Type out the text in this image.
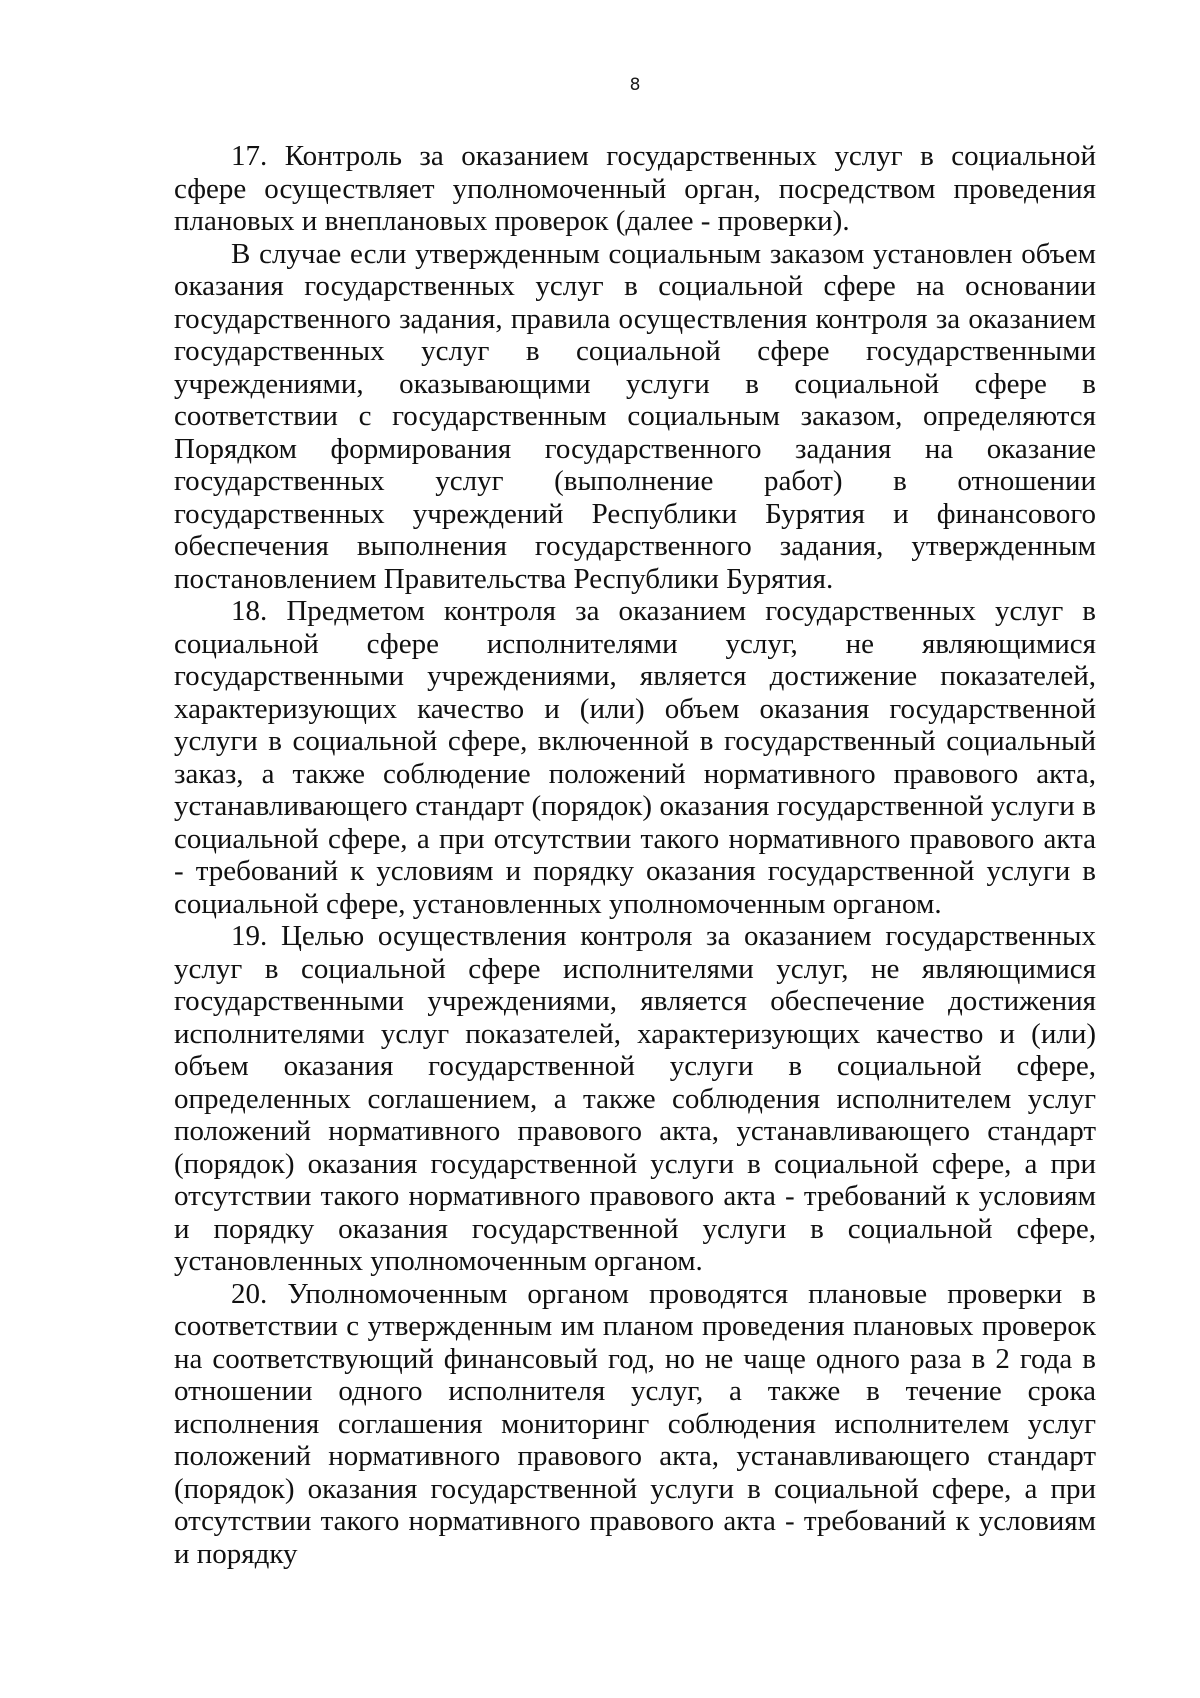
8

17. Контроль за оказанием государственных услуг в социальной сфере осуществляет уполномоченный орган, посредством проведения плановых и внеплановых проверок (далее - проверки).

В случае если утвержденным социальным заказом установлен объем оказания государственных услуг в социальной сфере на основании государственного задания, правила осуществления контроля за оказанием государственных услуг в социальной сфере государственными учреждениями, оказывающими услуги в социальной сфере в соответствии с государственным социальным заказом, определяются Порядком формирования государственного задания на оказание государственных услуг (выполнение работ) в отношении государственных учреждений Республики Бурятия и финансового обеспечения выполнения государственного задания, утвержденным постановлением Правительства Республики Бурятия.

18. Предметом контроля за оказанием государственных услуг в социальной сфере исполнителями услуг, не являющимися государственными учреждениями, является достижение показателей, характеризующих качество и (или) объем оказания государственной услуги в социальной сфере, включенной в государственный социальный заказ, а также соблюдение положений нормативного правового акта, устанавливающего стандарт (порядок) оказания государственной услуги в социальной сфере, а при отсутствии такого нормативного правового акта - требований к условиям и порядку оказания государственной услуги в социальной сфере, установленных уполномоченным органом.

19. Целью осуществления контроля за оказанием государственных услуг в социальной сфере исполнителями услуг, не являющимися государственными учреждениями, является обеспечение достижения исполнителями услуг показателей, характеризующих качество и (или) объем оказания государственной услуги в социальной сфере, определенных соглашением, а также соблюдения исполнителем услуг положений нормативного правового акта, устанавливающего стандарт (порядок) оказания государственной услуги в социальной сфере, а при отсутствии такого нормативного правового акта - требований к условиям и порядку оказания государственной услуги в социальной сфере, установленных уполномоченным органом.

20. Уполномоченным органом проводятся плановые проверки в соответствии с утвержденным им планом проведения плановых проверок на соответствующий финансовый год, но не чаще одного раза в 2 года в отношении одного исполнителя услуг, а также в течение срока исполнения соглашения мониторинг соблюдения исполнителем услуг положений нормативного правового акта, устанавливающего стандарт (порядок) оказания государственной услуги в социальной сфере, а при отсутствии такого нормативного правового акта - требований к условиям и порядку
